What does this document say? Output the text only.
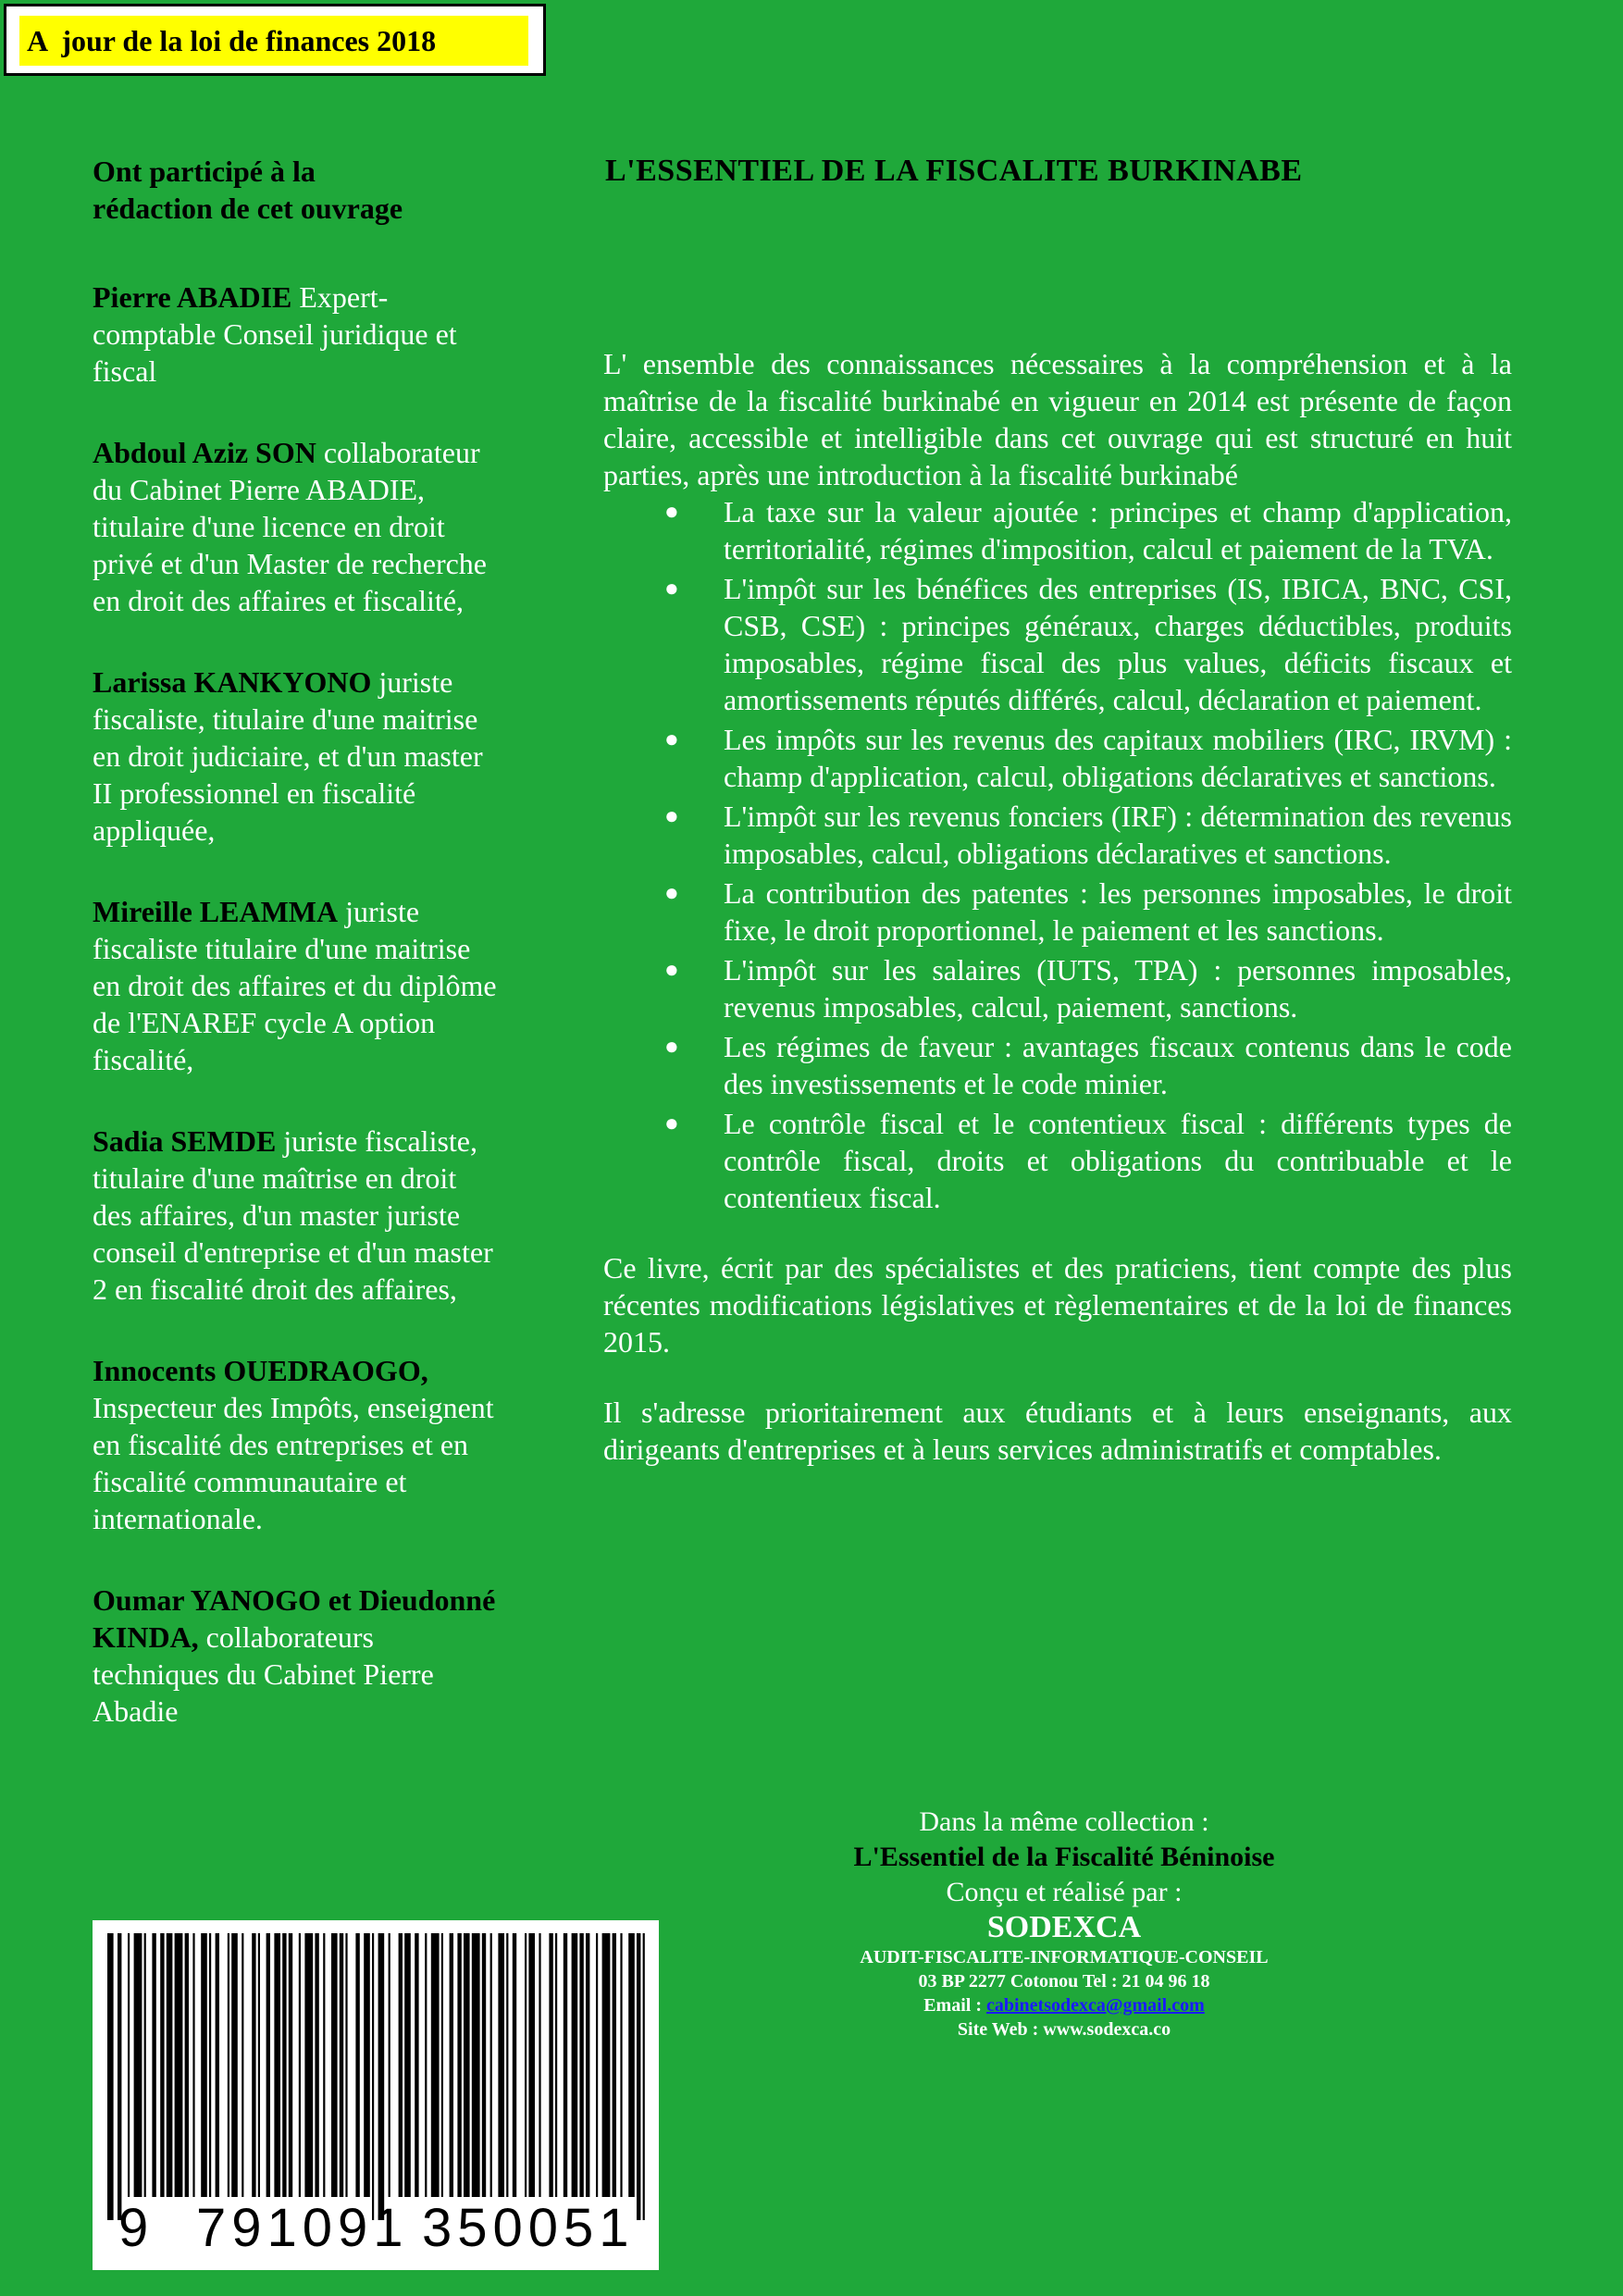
A  jour de la loi de finances 2018
Ont participé à la
rédaction de cet ouvrage
Pierre ABADIE Expert-comptable Conseil juridique et fiscal
Abdoul Aziz SON collaborateur du Cabinet Pierre ABADIE, titulaire d'une licence en droit privé et d'un Master de recherche en droit des affaires et fiscalité,
Larissa KANKYONO juriste fiscaliste, titulaire d'une maitrise en droit judiciaire, et d'un master II professionnel en fiscalité appliquée,
Mireille LEAMMA juriste fiscaliste titulaire d'une maitrise en droit des affaires et du diplôme de l'ENAREF cycle A option fiscalité,
Sadia SEMDE juriste fiscaliste, titulaire d'une maîtrise en droit des affaires, d'un master juriste conseil d'entreprise et d'un master 2 en fiscalité droit des affaires,
Innocents OUEDRAOGO, Inspecteur des Impôts, enseignent en fiscalité des entreprises et en fiscalité communautaire et internationale.
Oumar YANOGO et Dieudonné KINDA, collaborateurs techniques du Cabinet Pierre Abadie
L'ESSENTIEL DE LA FISCALITE BURKINABE

L' ensemble des connaissances nécessaires à la compréhension et à la maîtrise de la fiscalité burkinabé en vigueur en 2014 est présente de façon claire, accessible et intelligible dans cet ouvrage qui est structuré en huit parties, après une introduction à la fiscalité burkinabé

● La taxe sur la valeur ajoutée : principes et champ d'application, territorialité, régimes d'imposition, calcul et paiement de la TVA.
● L'impôt sur les bénéfices des entreprises (IS, IBICA, BNC, CSI, CSB, CSE) : principes généraux, charges déductibles, produits imposables, régime fiscal des plus values, déficits fiscaux et amortissements réputés différés, calcul, déclaration et paiement.
● Les impôts sur les revenus des capitaux mobiliers (IRC, IRVM) : champ d'application, calcul, obligations déclaratives et sanctions.
● L'impôt sur les revenus fonciers (IRF) : détermination des revenus imposables, calcul, obligations déclaratives et sanctions.
● La contribution des patentes : les personnes imposables, le droit fixe, le droit proportionnel, le paiement et les sanctions.
● L'impôt sur les salaires (IUTS, TPA) : personnes imposables, revenus imposables, calcul, paiement, sanctions.
● Les régimes de faveur : avantages fiscaux contenus dans le code des investissements et le code minier.
● Le contrôle fiscal et le contentieux fiscal : différents types de contrôle fiscal, droits et obligations du contribuable et le contentieux fiscal.

Ce livre, écrit par des spécialistes et des praticiens, tient compte des plus récentes modifications législatives et règlementaires et de la loi de finances 2015.

Il s'adresse prioritairement aux étudiants et à leurs enseignants, aux dirigeants d'entreprises et à leurs services administratifs et comptables.

Dans la même collection :
L'Essentiel de la Fiscalité Béninoise
Conçu et réalisé par :
SODEXCA
AUDIT-FISCALITE-INFORMATIQUE-CONSEIL
03 BP 2277 Cotonou Tel : 21 04 96 18
Email : cabinetsodexca@gmail.com
Site Web : www.sodexca.co
9 791091 350051
